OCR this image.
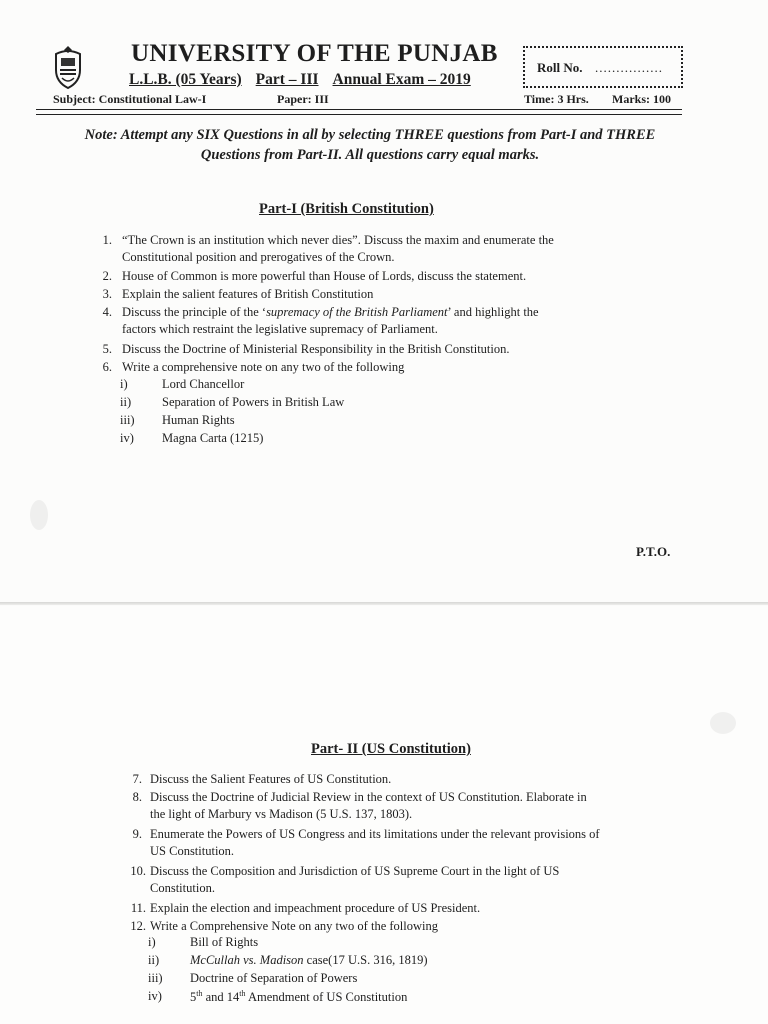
UNIVERSITY OF THE PUNJAB
L.L.B. (05 Years) Part – III Annual Exam – 2019
Roll No. ................
Subject: Constitutional Law-I	Paper: III	Time: 3 Hrs. Marks: 100
Note: Attempt any SIX Questions in all by selecting THREE questions from Part-I and THREE
Questions from Part-II. All questions carry equal marks.
Part-I (British Constitution)
1. “The Crown is an institution which never dies”. Discuss the maxim and enumerate the
Constitutional position and prerogatives of the Crown.
2. House of Common is more powerful than House of Lords, discuss the statement.
3. Explain the salient features of British Constitution
4. Discuss the principle of the ‘supremacy of the British Parliament’ and highlight the
factors which restraint the legislative supremacy of Parliament.
5. Discuss the Doctrine of Ministerial Responsibility in the British Constitution.
6. Write a comprehensive note on any two of the following
i)	Lord Chancellor
ii) Separation of Powers in British Law
iii) Human Rights
iv) Magna Carta (1215)
P.T.O.
Part- II (US Constitution)
7. Discuss the Salient Features of US Constitution.
8. Discuss the Doctrine of Judicial Review in the context of US Constitution. Elaborate in
the light of Marbury vs Madison (5 U.S. 137, 1803).
9. Enumerate the Powers of US Congress and its limitations under the relevant provisions of
US Constitution.
10. Discuss the Composition and Jurisdiction of US Supreme Court in the light of US
Constitution.
11. Explain the election and impeachment procedure of US President.
12. Write a Comprehensive Note on any two of the following
i)	Bill of Rights
ii) McCullah vs. Madison case(17 U.S. 316, 1819)
iii) Doctrine of Separation of Powers
iv) 5th and 14th Amendment of US Constitution
